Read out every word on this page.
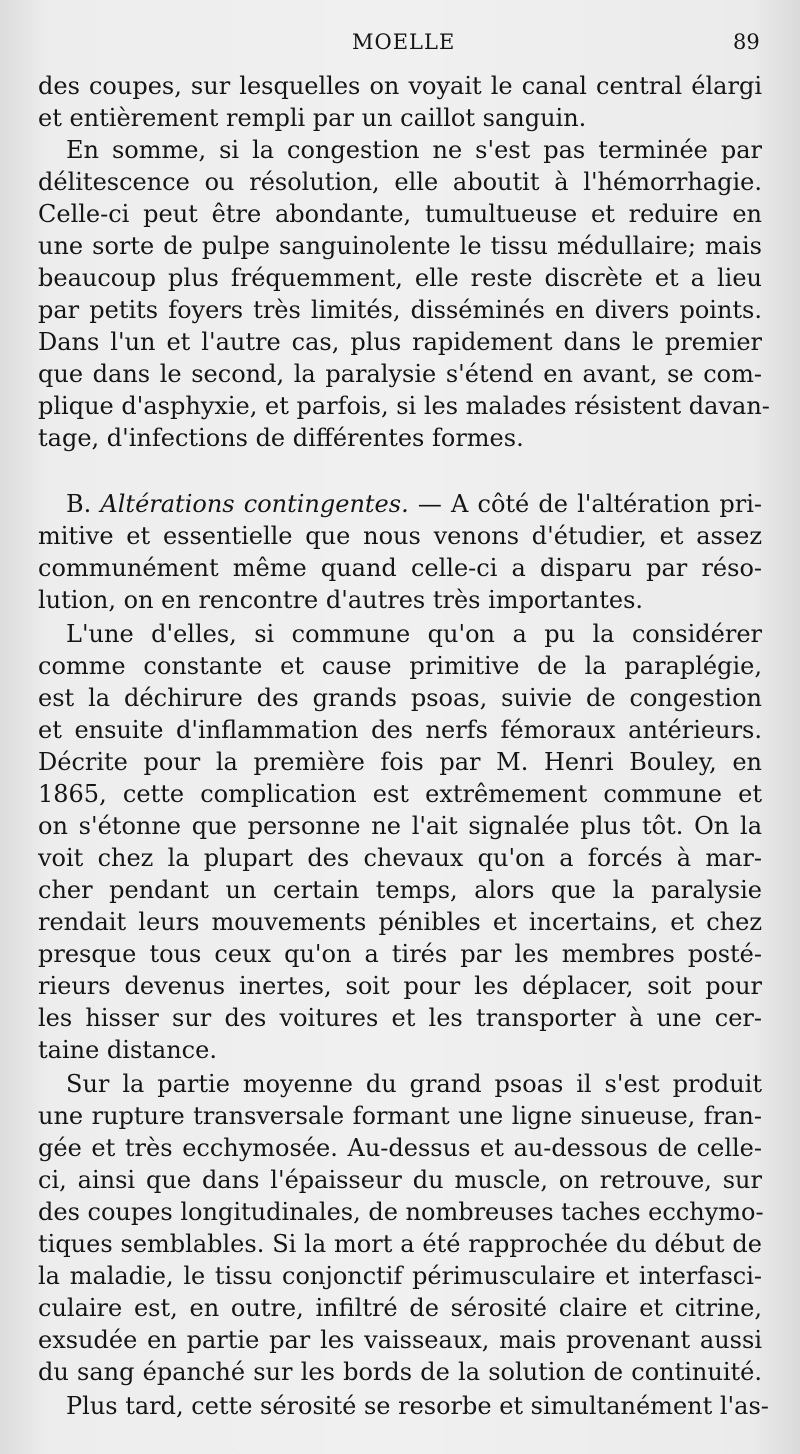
MOELLE	89
des coupes, sur lesquelles on voyait le canal central élargi
et entièrement rempli par un caillot sanguin.
En somme, si la congestion ne s'est pas terminée par
délitescence ou résolution, elle aboutit à l'hémorrhagie.
Celle-ci peut être abondante, tumultueuse et reduire en
une sorte de pulpe sanguinolente le tissu médullaire; mais
beaucoup plus fréquemment, elle reste discrète et a lieu
par petits foyers très limités, disséminés en divers points.
Dans l'un et l'autre cas, plus rapidement dans le premier
que dans le second, la paralysie s'étend en avant, se com-
plique d'asphyxie, et parfois, si les malades résistent davan-
tage, d'infections de différentes formes.
B. Altérations contingentes. — A côté de l'altération pri-
mitive et essentielle que nous venons d'étudier, et assez
communément même quand celle-ci a disparu par réso-
lution, on en rencontre d'autres très importantes.
L'une d'elles, si commune qu'on a pu la considérer
comme constante et cause primitive de la paraplégie,
est la déchirure des grands psoas, suivie de congestion
et ensuite d'inflammation des nerfs fémoraux antérieurs.
Décrite pour la première fois par M. Henri Bouley, en
1865, cette complication est extrêmement commune et
on s'étonne que personne ne l'ait signalée plus tôt. On la
voit chez la plupart des chevaux qu'on a forcés à mar-
cher pendant un certain temps, alors que la paralysie
rendait leurs mouvements pénibles et incertains, et chez
presque tous ceux qu'on a tirés par les membres posté-
rieurs devenus inertes, soit pour les déplacer, soit pour
les hisser sur des voitures et les transporter à une cer-
taine distance.
Sur la partie moyenne du grand psoas il s'est produit
une rupture transversale formant une ligne sinueuse, fran-
gée et très ecchymosée. Au-dessus et au-dessous de celle-
ci, ainsi que dans l'épaisseur du muscle, on retrouve, sur
des coupes longitudinales, de nombreuses taches ecchymo-
tiques semblables. Si la mort a été rapprochée du début de
la maladie, le tissu conjonctif périmusculaire et interfasci-
culaire est, en outre, infiltré de sérosité claire et citrine,
exsudée en partie par les vaisseaux, mais provenant aussi
du sang épanché sur les bords de la solution de continuité.
Plus tard, cette sérosité se resorbe et simultanément l'as-
